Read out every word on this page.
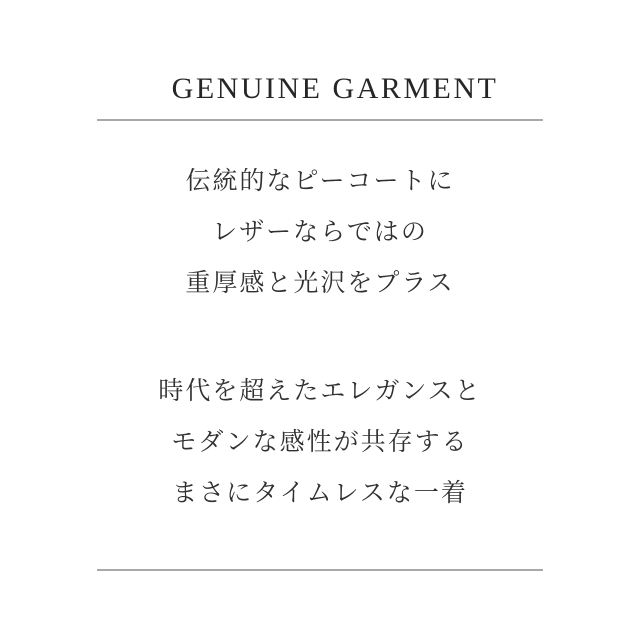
GENUINE GARMENT
伝統的なピーコートに
レザーならではの
重厚感と光沢をプラス
時代を超えたエレガンスと
モダンな感性が共存する
まさにタイムレスな一着
